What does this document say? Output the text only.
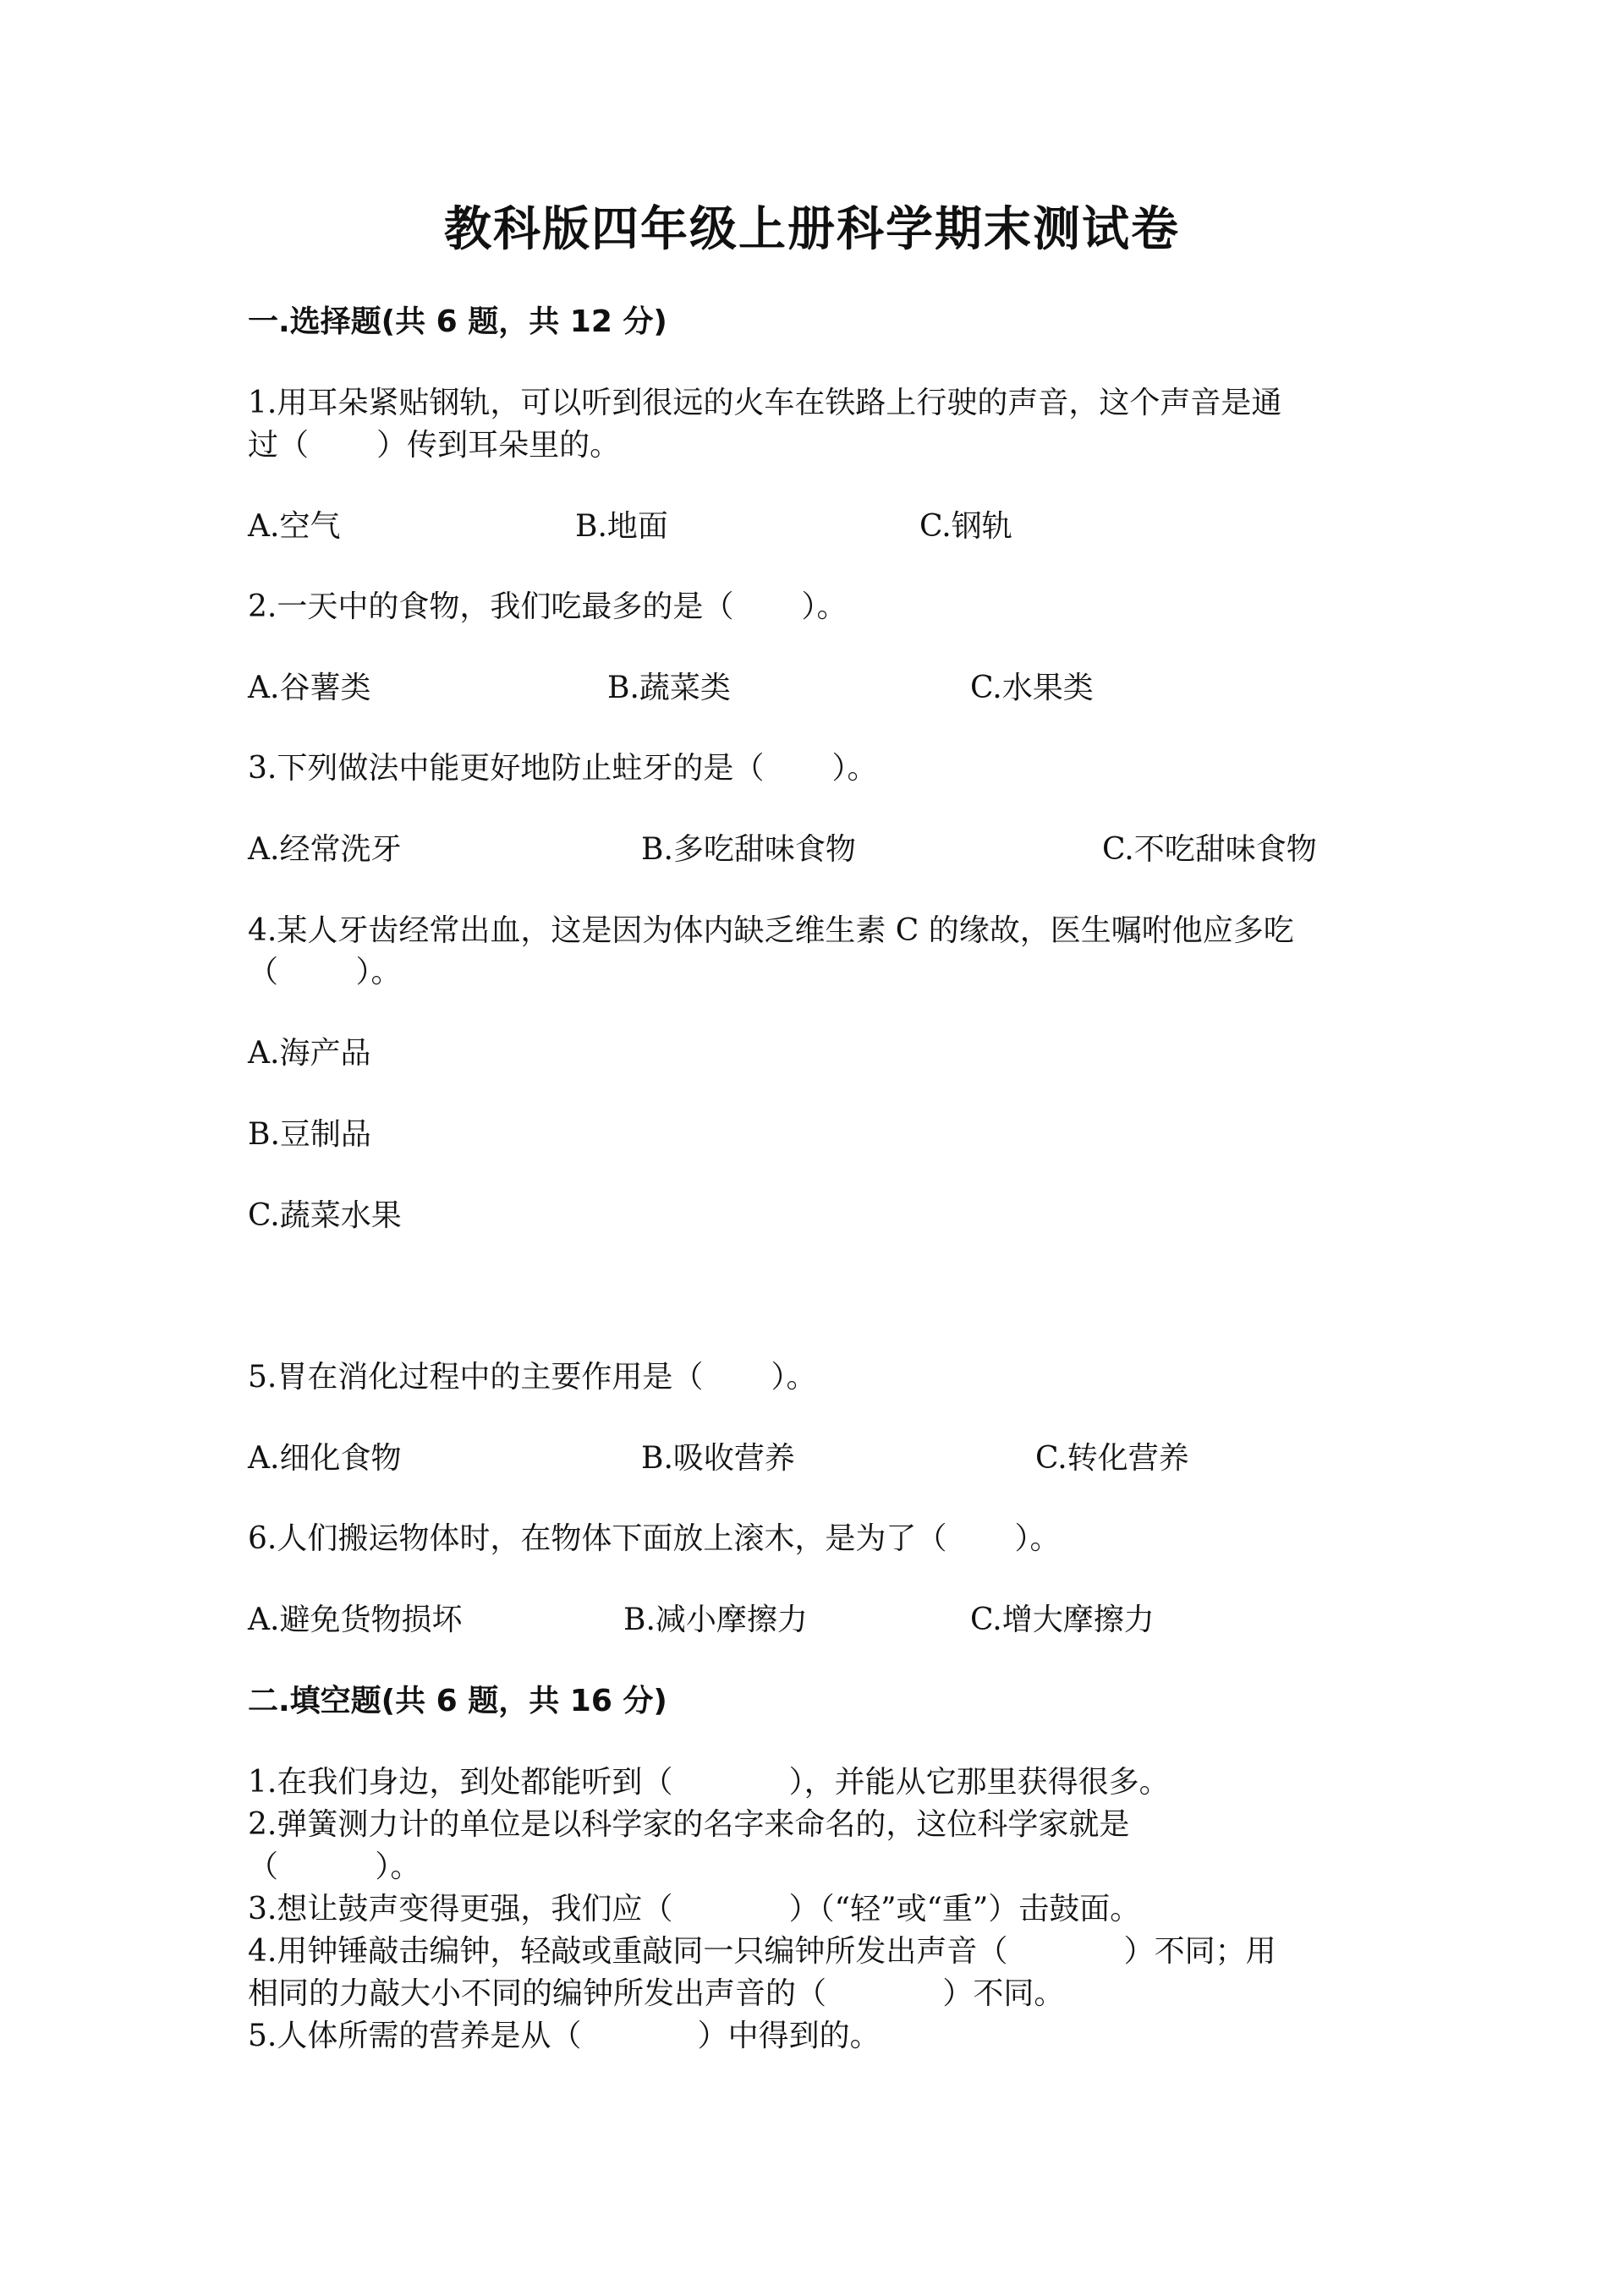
教科版四年级上册科学期末测试卷
一.选择题(共 6 题，共 12 分)
1.用耳朵紧贴钢轨，可以听到很远的火车在铁路上行驶的声音，这个声音是通
过（       ）传到耳朵里的。
A.空气	B.地面	C.钢轨
2.一天中的食物，我们吃最多的是（       ）。
A.谷薯类	B.蔬菜类	C.水果类
3.下列做法中能更好地防止蛀牙的是（       ）。
A.经常洗牙	B.多吃甜味食物	C.不吃甜味食物
4.某人牙齿经常出血，这是因为体内缺乏维生素 C 的缘故，医生嘱咐他应多吃
（        ）。
A.海产品
B.豆制品
C.蔬菜水果
5.胃在消化过程中的主要作用是（       ）。
A.细化食物	B.吸收营养	C.转化营养
6.人们搬运物体时，在物体下面放上滚木，是为了（       ）。
A.避免货物损坏	B.减小摩擦力	C.增大摩擦力
二.填空题(共 6 题，共 16 分)
1.在我们身边，到处都能听到（            ），并能从它那里获得很多。
2.弹簧测力计的单位是以科学家的名字来命名的，这位科学家就是
（          ）。
3.想让鼓声变得更强，我们应（            ）（“轻”或“重”）击鼓面。
4.用钟锤敲击编钟，轻敲或重敲同一只编钟所发出声音（            ）不同；用
相同的力敲大小不同的编钟所发出声音的（            ）不同。
5.人体所需的营养是从（            ）中得到的。
